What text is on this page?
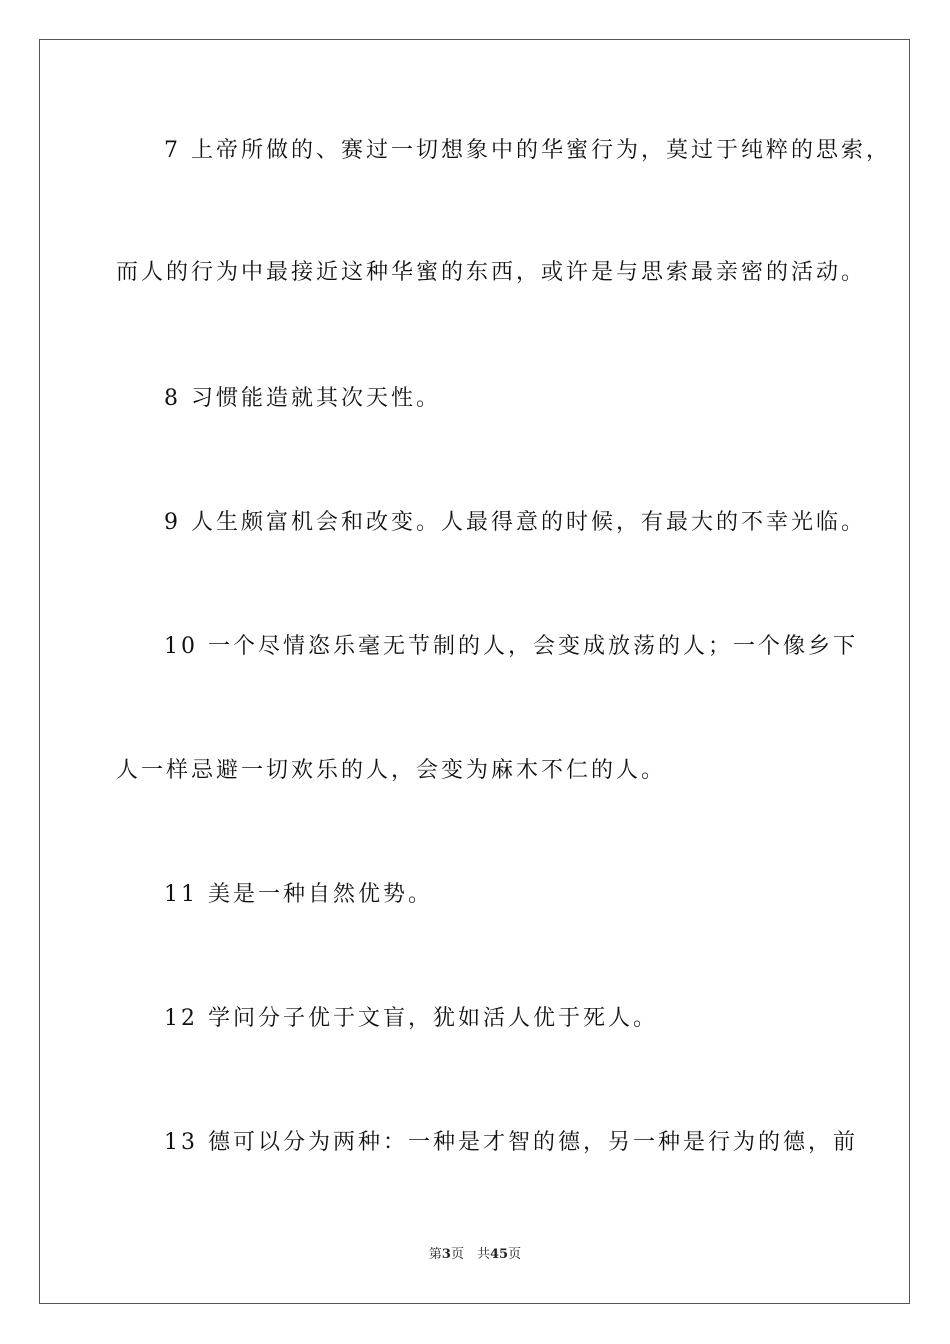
7 上帝所做的、赛过一切想象中的华蜜行为，莫过于纯粹的思索，
而人的行为中最接近这种华蜜的东西，或许是与思索最亲密的活动。
8 习惯能造就其次天性。
9 人生颇富机会和改变。人最得意的时候，有最大的不幸光临。
10 一个尽情恣乐毫无节制的人，会变成放荡的人；一个像乡下
人一样忌避一切欢乐的人，会变为麻木不仁的人。
11 美是一种自然优势。
12 学问分子优于文盲，犹如活人优于死人。
13 德可以分为两种：一种是才智的德，另一种是行为的德，前
第3页　共45页
